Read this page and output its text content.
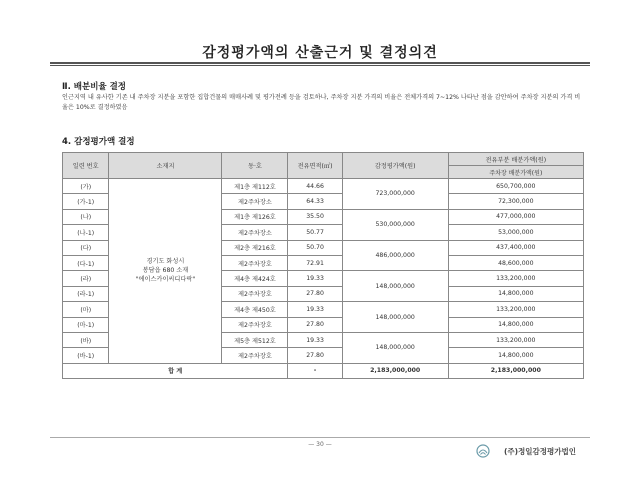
감정평가액의 산출근거 및 결정의견
Ⅱ. 배분비율 결정
인근지역 내 유사한 기존 내 주차장 지분을 포함한 집합건물의 매매사례 및 평가전례 등을 검토하나, 주차장 지분 가격의 비율은 전체가격의 7~12% 나타난 점을 감안하여 주차장 지분의 가격 비율은 10%로 결정하였음
4. 감정평가액 결정
일련 번호	소재지	동·호	전유면적(㎡)	감정평가액(원)	전유부분 배분가액(원)
					주차장 배분가액(원)
(가)	경기도 화성시
봉담읍 680 소재
"에이스카이씨디다락"	제1층 제112호	44.66	723,000,000	650,700,000
(가-1)		제2주차장소	64.33		72,300,000
(나)		제1층 제126호	35.50	530,000,000	477,000,000
(나-1)		제2주차장소	50.77		53,000,000
(다)		제2층 제216호	50.70	486,000,000	437,400,000
(다-1)		제2주차장호	72.91		48,600,000
(라)		제4층 제424호	19.33	148,000,000	133,200,000
(라-1)		제2주차장호	27.80		14,800,000
(마)		제4층 제450호	19.33	148,000,000	133,200,000
(마-1)		제2주차장호	27.80		14,800,000
(바)		제5층 제512호	19.33	148,000,000	133,200,000
(바-1)		제2주차장호	27.80		14,800,000
합 계			-	2,183,000,000	2,183,000,000
— 30 —
(주)정일감정평가법인
